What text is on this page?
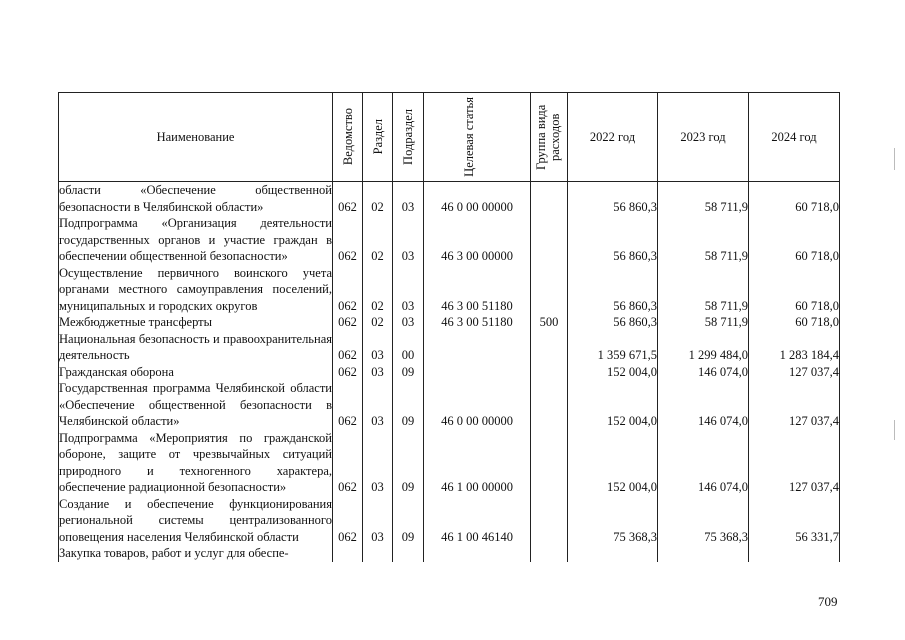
Наименование	Ведомство	Раздел	Подраздел	Целевая статья	Группа вида расходов	2022 год	2023 год	2024 год
области «Обеспечение общественной безопасности в Челябинской области»	062	02	03	46 0 00 00000		56 860,3	58 711,9	60 718,0
Подпрограмма «Организация деятельности государственных органов и участие граждан в обеспечении общественной безопасности»	062	02	03	46 3 00 00000		56 860,3	58 711,9	60 718,0
Осуществление первичного воинского учета органами местного самоуправления поселений, муниципальных и городских округов	062	02	03	46 3 00 51180		56 860,3	58 711,9	60 718,0
Межбюджетные трансферты	062	02	03	46 3 00 51180	500	56 860,3	58 711,9	60 718,0
Национальная безопасность и правоохранительная деятельность	062	03	00			1 359 671,5	1 299 484,0	1 283 184,4
Гражданская оборона	062	03	09			152 004,0	146 074,0	127 037,4
Государственная программа Челябинской области «Обеспечение общественной безопасности в Челябинской области»	062	03	09	46 0 00 00000		152 004,0	146 074,0	127 037,4
Подпрограмма «Мероприятия по гражданской обороне, защите от чрезвычайных ситуаций природного и техногенного характера, обеспечение радиационной безопасности»	062	03	09	46 1 00 00000		152 004,0	146 074,0	127 037,4
Создание и обеспечение функционирования региональной системы централизованного оповещения населения Челябинской области	062	03	09	46 1 00 46140		75 368,3	75 368,3	56 331,7
Закупка товаров, работ и услуг для обеспе-								
709
